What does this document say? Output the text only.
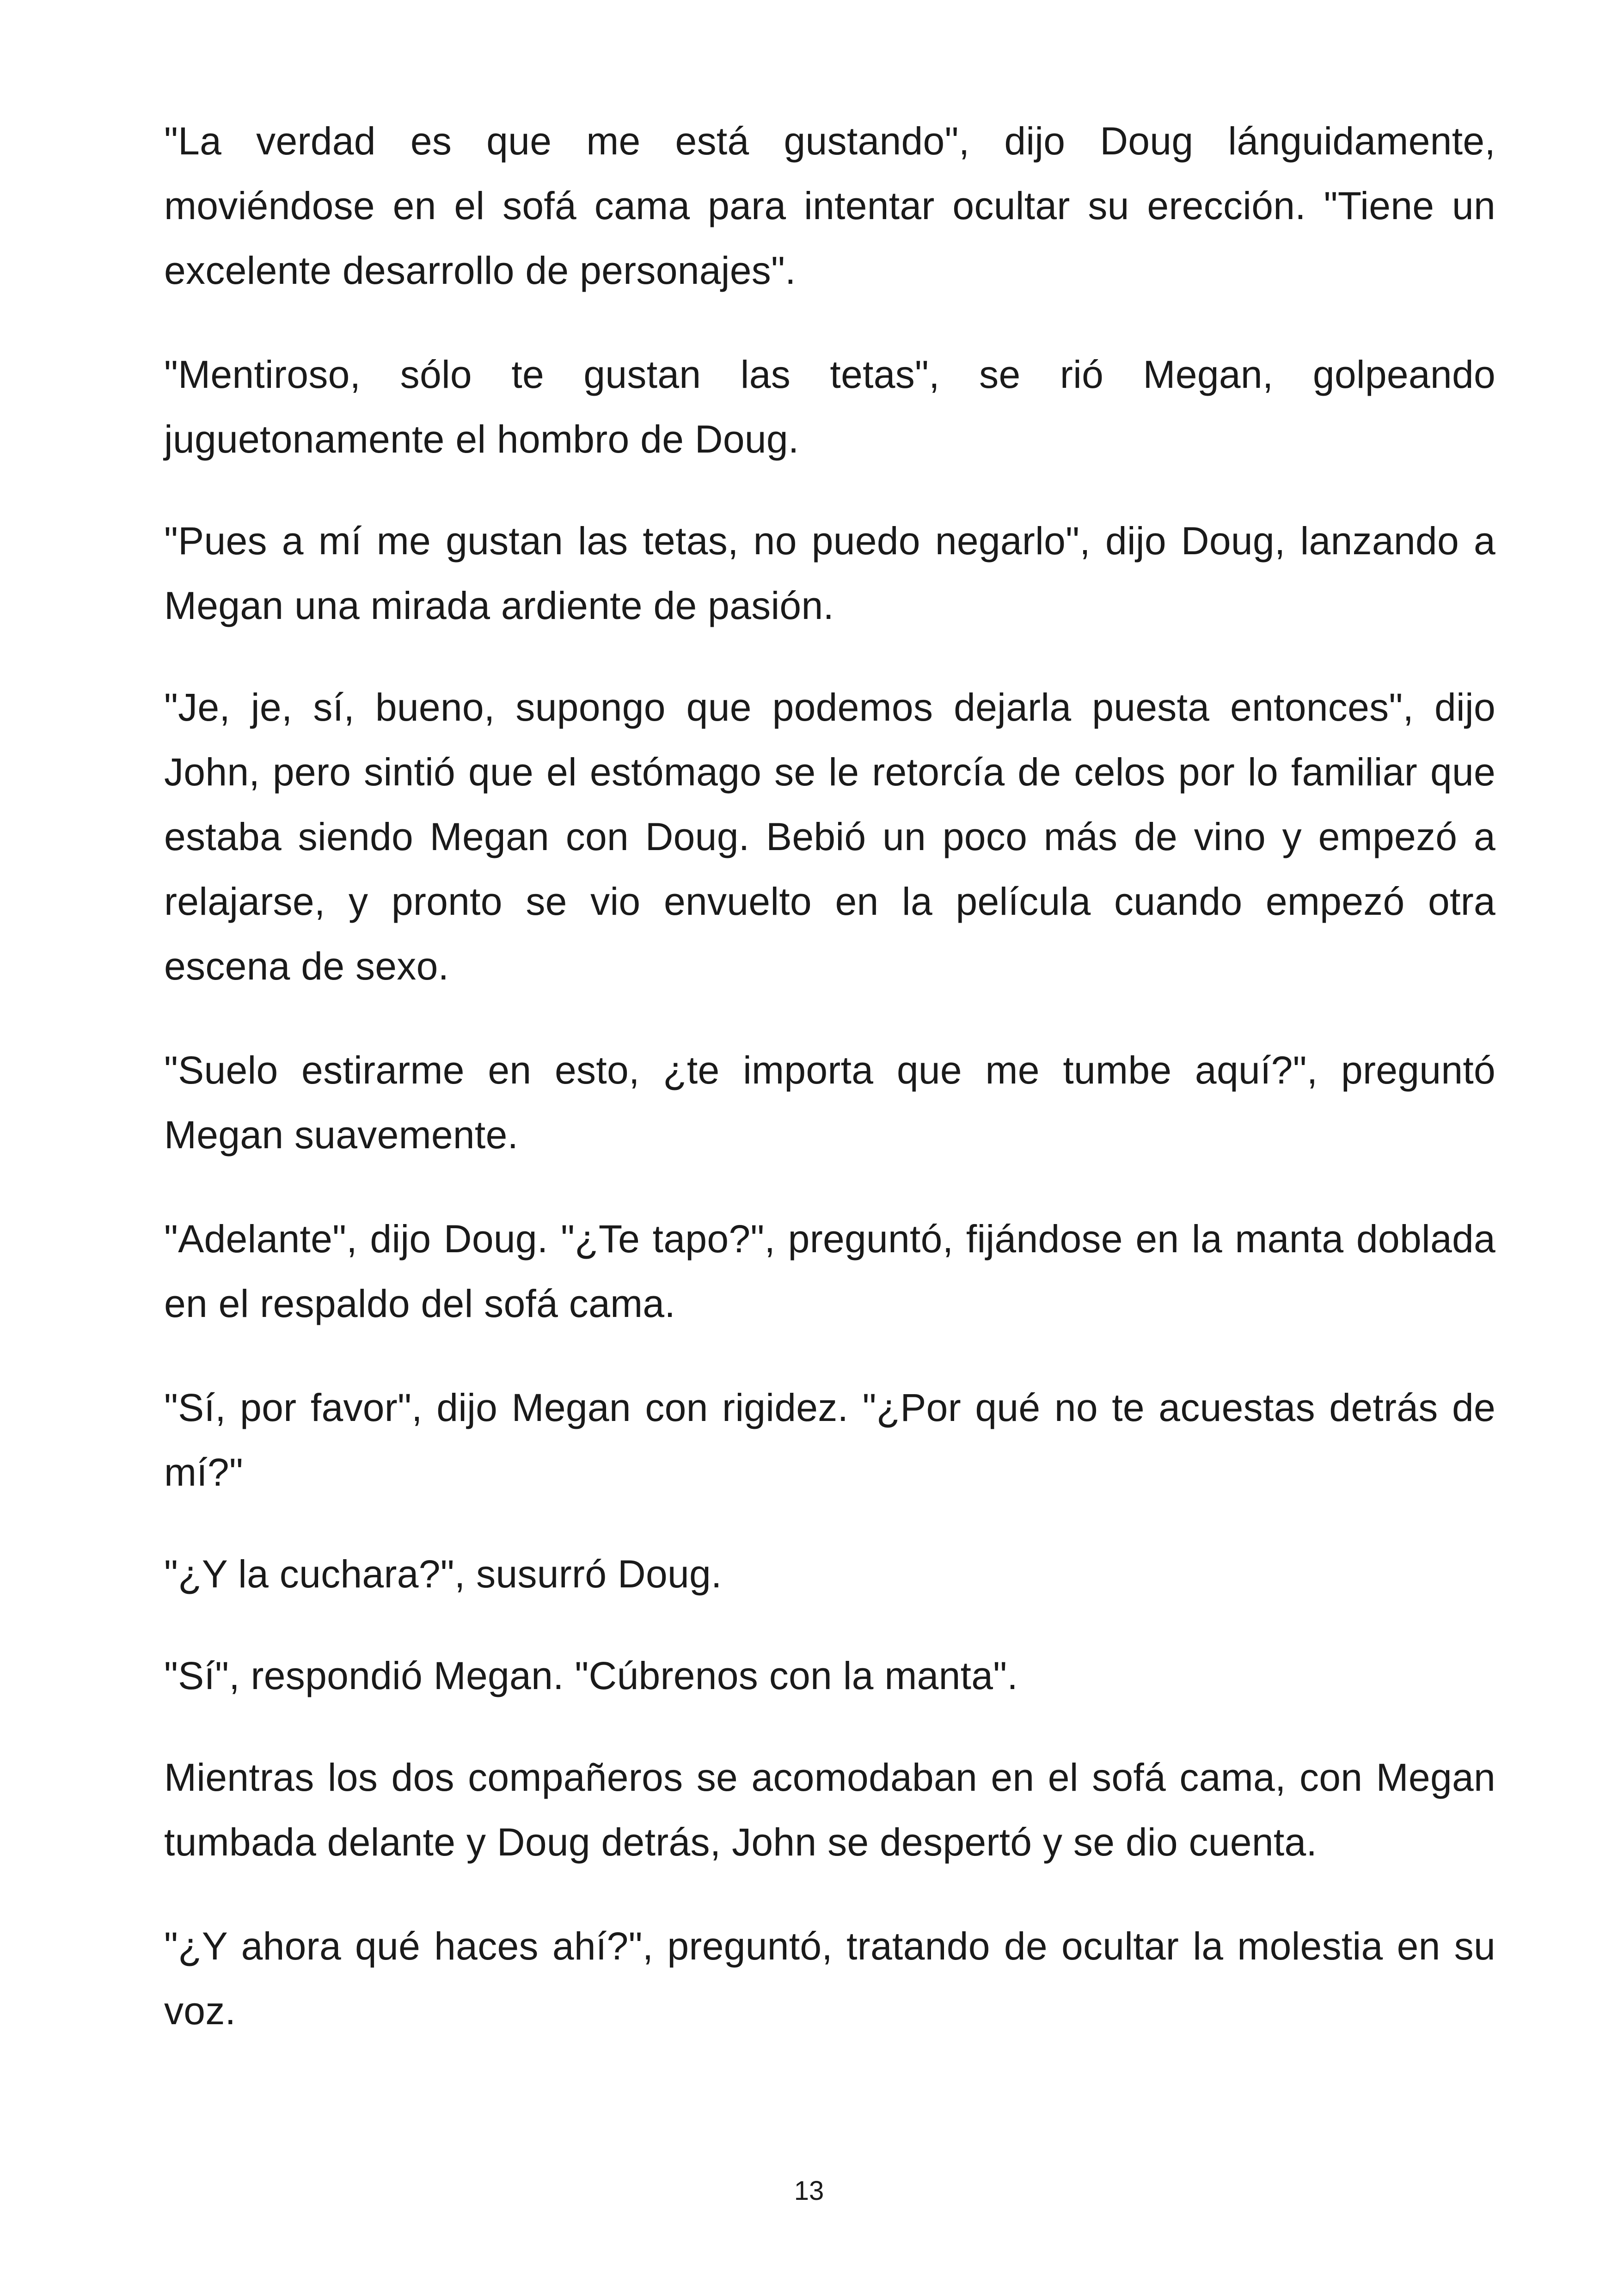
"La verdad es que me está gustando", dijo Doug lánguidamente, moviéndose en el sofá cama para intentar ocultar su erección. "Tiene un excelente desarrollo de personajes".

"Mentiroso, sólo te gustan las tetas", se rió Megan, golpeando juguetonamente el hombro de Doug.

"Pues a mí me gustan las tetas, no puedo negarlo", dijo Doug, lanzando a Megan una mirada ardiente de pasión.

"Je, je, sí, bueno, supongo que podemos dejarla puesta entonces", dijo John, pero sintió que el estómago se le retorcía de celos por lo familiar que estaba siendo Megan con Doug. Bebió un poco más de vino y empezó a relajarse, y pronto se vio envuelto en la película cuando empezó otra escena de sexo.

"Suelo estirarme en esto, ¿te importa que me tumbe aquí?", preguntó Megan suavemente.

"Adelante", dijo Doug. "¿Te tapo?", preguntó, fijándose en la manta doblada en el respaldo del sofá cama.

"Sí, por favor", dijo Megan con rigidez. "¿Por qué no te acuestas detrás de mí?"

"¿Y la cuchara?", susurró Doug.

"Sí", respondió Megan. "Cúbrenos con la manta".

Mientras los dos compañeros se acomodaban en el sofá cama, con Megan tumbada delante y Doug detrás, John se despertó y se dio cuenta.

"¿Y ahora qué haces ahí?", preguntó, tratando de ocultar la molestia en su voz.

13
